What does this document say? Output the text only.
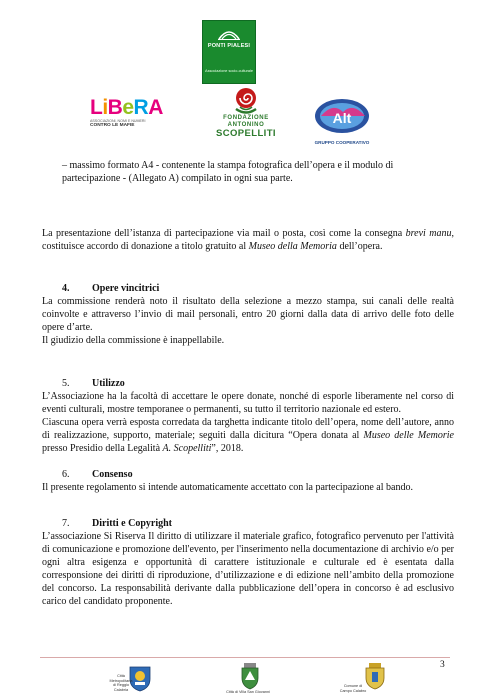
PONTI PIALESI
Associazione socio-culturale
LiBeRA
ASSOCIAZIONI, NOMI E NUMERI
CONTRO LE MAFIE
FONDAZIONE
ANTONINO
SCOPELLITI
Alt
GRUPPO COOPERATIVO

– massimo formato A4 - contenente la stampa fotografica dell’opera e il modulo di

partecipazione - (Allegato A) compilato in ogni sua parte.

La presentazione dell’istanza di partecipazione via mail o posta, così come la consegna brevi manu, costituisce accordo di donazione a titolo gratuito al Museo della Memoria dell’opera.

4. Opere vincitrici

La commissione renderà noto il risultato della selezione a mezzo stampa, sui canali delle realtà coinvolte e attraverso l’invio di mail personali, entro 20 giorni dalla data di arrivo delle foto delle opere d’arte.

Il giudizio della commissione è inappellabile.

5. Utilizzo

L’Associazione ha la facoltà di accettare le opere donate, nonché di esporle liberamente nel corso di eventi culturali, mostre temporanee o permanenti, su tutto il territorio nazionale ed estero.

Ciascuna opera verrà esposta corredata da targhetta indicante titolo dell’opera, nome dell’autore, anno di realizzazione, supporto, materiale; seguiti dalla dicitura “Opera donata al Museo delle Memorie presso Presidio della Legalità A. Scopelliti”, 2018.

6. Consenso

Il presente regolamento si intende automaticamente accettato con la partecipazione al bando.

7. Diritti e Copyright

L’associazione Si Riserva Il diritto di utilizzare il materiale grafico, fotografico pervenuto per l'attività di comunicazione e promozione dell'evento, per l'inserimento nella documentazione di archivio e/o per ogni altra esigenza e opportunità di carattere istituzionale e culturale ed è esentata dalla corresponsione dei diritti di riproduzione, d’utilizzazione e di edizione nell’ambito della promozione del concorso. La responsabilità derivante dalla pubblicazione dell’opera in concorso è ad esclusivo carico del candidato proponente.

3
Città Metropolitana di Reggio Calabria
Città di Villa San Giovanni
Comune di Campo Calabro
